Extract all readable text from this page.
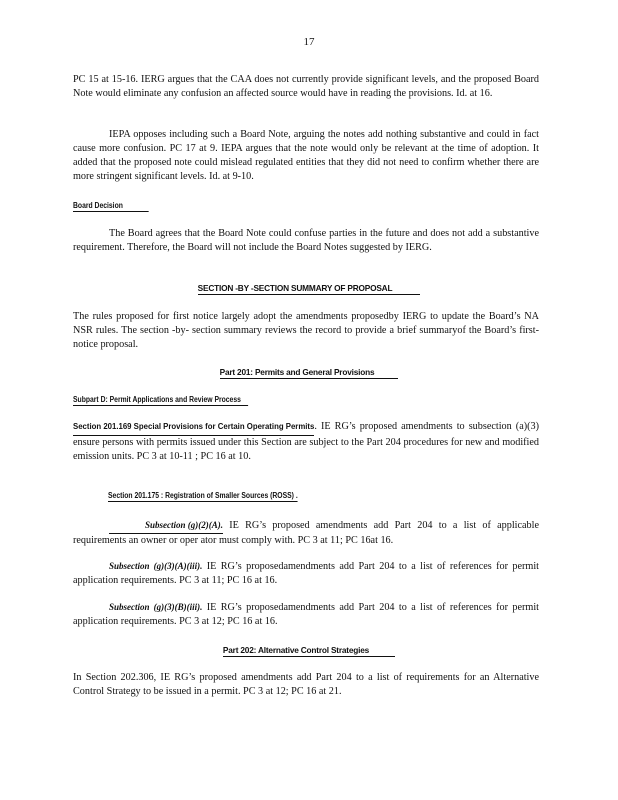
17

PC 15 at 15-16. IERG argues that the CAA does not currently provide significant levels, and the proposed Board Note would eliminate any confusion an affected source would have in reading the provisions. Id. at 16.

IEPA opposes including such a Board Note, arguing the notes add nothing substantive and could in fact cause more confusion. PC 17 at 9. IEPA argues that the note would only be relevant at the time of adoption. It added that the proposed note could mislead regulated entities that they did not need to confirm whether there are more stringent significant levels. Id. at 9-10.

Board Decision

The Board agrees that the Board Note could confuse parties in the future and does not add a substantive requirement. Therefore, the Board will not include the Board Notes suggested by IERG.

SECTION -BY -SECTION SUMMARY OF PROPOSAL

The rules proposed for first notice largely adopt the amendments proposedby IERG to update the Board’s NA NSR rules. The section -by- section summary reviews the record to provide a brief summaryof the Board’s first-notice proposal.

Part 201: Permits and General Provisions
Subpart D: Permit Applications and Review Process

Section 201.169 Special Provisions for Certain Operating Permits. IE RG’s proposed amendments to subsection (a)(3) ensure persons with permits issued under this Section are subject to the Part 204 procedures for new and modified emission units. PC 3 at 10-11 ; PC 16 at 10.

Section 201.175 : Registration of Smaller Sources (ROSS) .

Subsection (g)(2)(A). IE RG’s proposed amendments add Part 204 to a list of applicable requirements an owner or oper ator must comply with. PC 3 at 11; PC 16at 16.

Subsection (g)(3)(A)(iii). IE RG’s proposedamendments add Part 204 to a list of references for permit application requirements. PC 3 at 11; PC 16 at 16.

Subsection (g)(3)(B)(iii). IE RG’s proposedamendments add Part 204 to a list of references for permit application requirements. PC 3 at 12; PC 16 at 16.

Part 202: Alternative Control Strategies

In Section 202.306, IE RG’s proposed amendments add Part 204 to a list of requirements for an Alternative Control Strategy to be issued in a permit. PC 3 at 12; PC 16 at 21.
